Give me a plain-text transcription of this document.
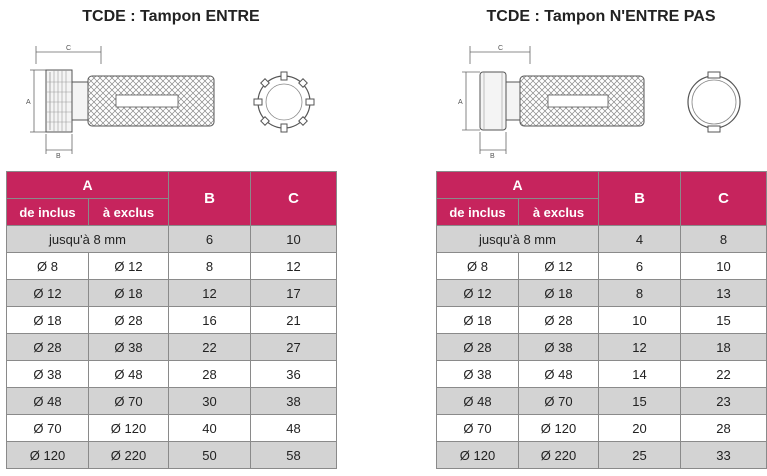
TCDE : Tampon ENTRE
C
A
B
A		B	C
de inclus	à exclus		
jusqu'à 8 mm		6	10
Ø 8	Ø 12	8	12
Ø 12	Ø 18	12	17
Ø 18	Ø 28	16	21
Ø 28	Ø 38	22	27
Ø 38	Ø 48	28	36
Ø 48	Ø 70	30	38
Ø 70	Ø 120	40	48
Ø 120	Ø 220	50	58
TCDE : Tampon N'ENTRE PAS
C
A
B
A		B	C
de inclus	à exclus		
jusqu'à 8 mm		4	8
Ø 8	Ø 12	6	10
Ø 12	Ø 18	8	13
Ø 18	Ø 28	10	15
Ø 28	Ø 38	12	18
Ø 38	Ø 48	14	22
Ø 48	Ø 70	15	23
Ø 70	Ø 120	20	28
Ø 120	Ø 220	25	33
